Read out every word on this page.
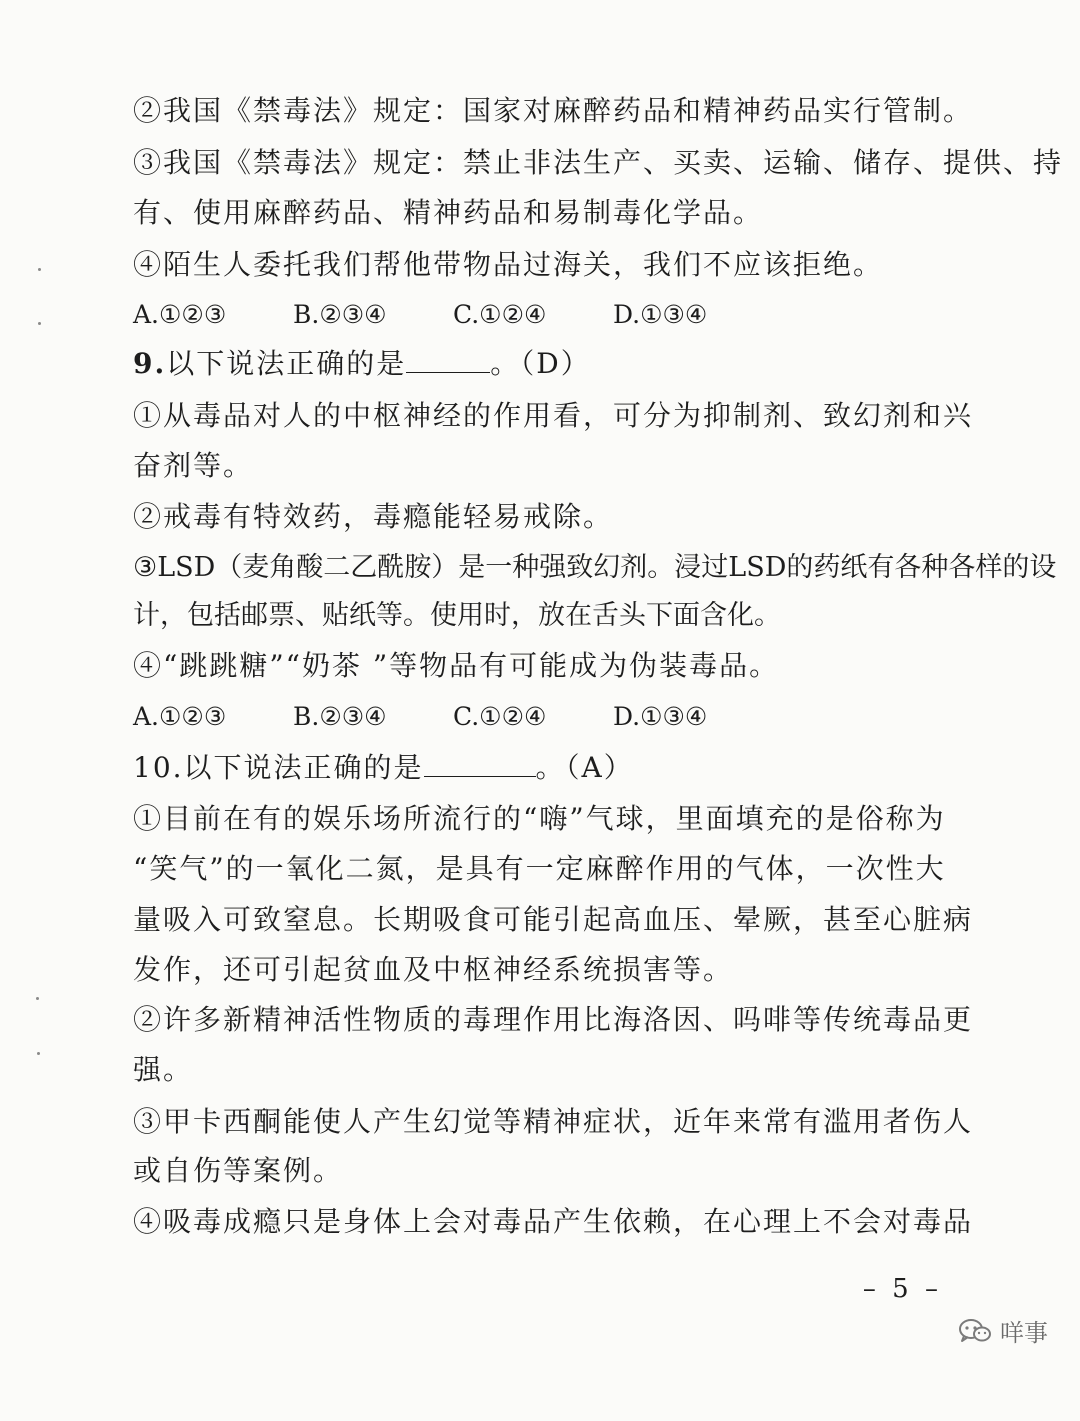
②我国《禁毒法》规定：国家对麻醉药品和精神药品实行管制。
③我国《禁毒法》规定：禁止非法生产、买卖、运输、储存、提供、持
有、使用麻醉药品、精神药品和易制毒化学品。
④陌生人委托我们帮他带物品过海关，我们不应该拒绝。
A.①②③	B.②③④	C.①②④	D.①③④
9.以下说法正确的是	。（D）
①从毒品对人的中枢神经的作用看，可分为抑制剂、致幻剂和兴
奋剂等。
②戒毒有特效药，毒瘾能轻易戒除。
③LSD（麦角酸二乙酰胺）是一种强致幻剂。浸过LSD的药纸有各种各样的设
计，包括邮票、贴纸等。使用时，放在舌头下面含化。
④“跳跳糖”“奶茶 ”等物品有可能成为伪装毒品。
A.①②③	B.②③④	C.①②④	D.①③④
10.以下说法正确的是	。（A）
①目前在有的娱乐场所流行的“嗨”气球，里面填充的是俗称为
“笑气”的一氧化二氮，是具有一定麻醉作用的气体，一次性大
量吸入可致窒息。长期吸食可能引起高血压、晕厥，甚至心脏病
发作，还可引起贫血及中枢神经系统损害等。
②许多新精神活性物质的毒理作用比海洛因、吗啡等传统毒品更
强。
③甲卡西酮能使人产生幻觉等精神症状，近年来常有滥用者伤人
或自伤等案例。
④吸毒成瘾只是身体上会对毒品产生依赖，在心理上不会对毒品
– 5 –
咩事
